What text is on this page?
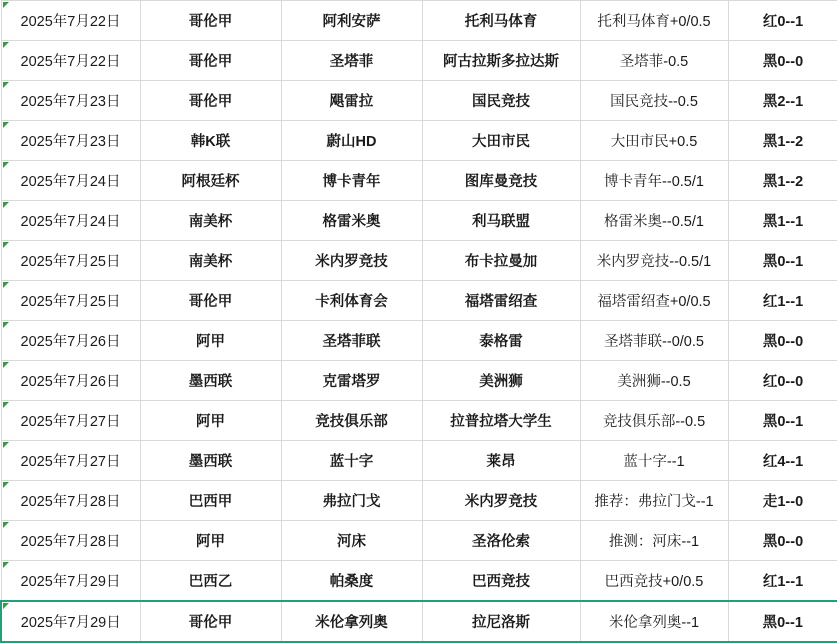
2025年7月22日	哥伦甲	阿利安萨	托利马体育	托利马体育+0/0.5	红0--1
2025年7月22日	哥伦甲	圣塔菲	阿古拉斯多拉达斯	圣塔菲-0.5	黑0--0
2025年7月23日	哥伦甲	飓雷拉	国民竞技	国民竞技--0.5	黑2--1
2025年7月23日	韩K联	蔚山HD	大田市民	大田市民+0.5	黑1--2
2025年7月24日	阿根廷杯	博卡青年	图库曼竞技	博卡青年--0.5/1	黑1--2
2025年7月24日	南美杯	格雷米奥	利马联盟	格雷米奥--0.5/1	黑1--1
2025年7月25日	南美杯	米内罗竞技	布卡拉曼加	米内罗竞技--0.5/1	黑0--1
2025年7月25日	哥伦甲	卡利体育会	福塔雷绍查	福塔雷绍查+0/0.5	红1--1
2025年7月26日	阿甲	圣塔菲联	泰格雷	圣塔菲联--0/0.5	黑0--0
2025年7月26日	墨西联	克雷塔罗	美洲狮	美洲狮--0.5	红0--0
2025年7月27日	阿甲	竞技俱乐部	拉普拉塔大学生	竞技俱乐部--0.5	黑0--1
2025年7月27日	墨西联	蓝十字	莱昂	蓝十字--1	红4--1
2025年7月28日	巴西甲	弗拉门戈	米内罗竞技	推荐：弗拉门戈--1	走1--0
2025年7月28日	阿甲	河床	圣洛伦索	推测：河床--1	黑0--0
2025年7月29日	巴西乙	帕桑度	巴西竞技	巴西竞技+0/0.5	红1--1
2025年7月29日	哥伦甲	米伦拿列奥	拉尼洛斯	米伦拿列奥--1	黑0--1
